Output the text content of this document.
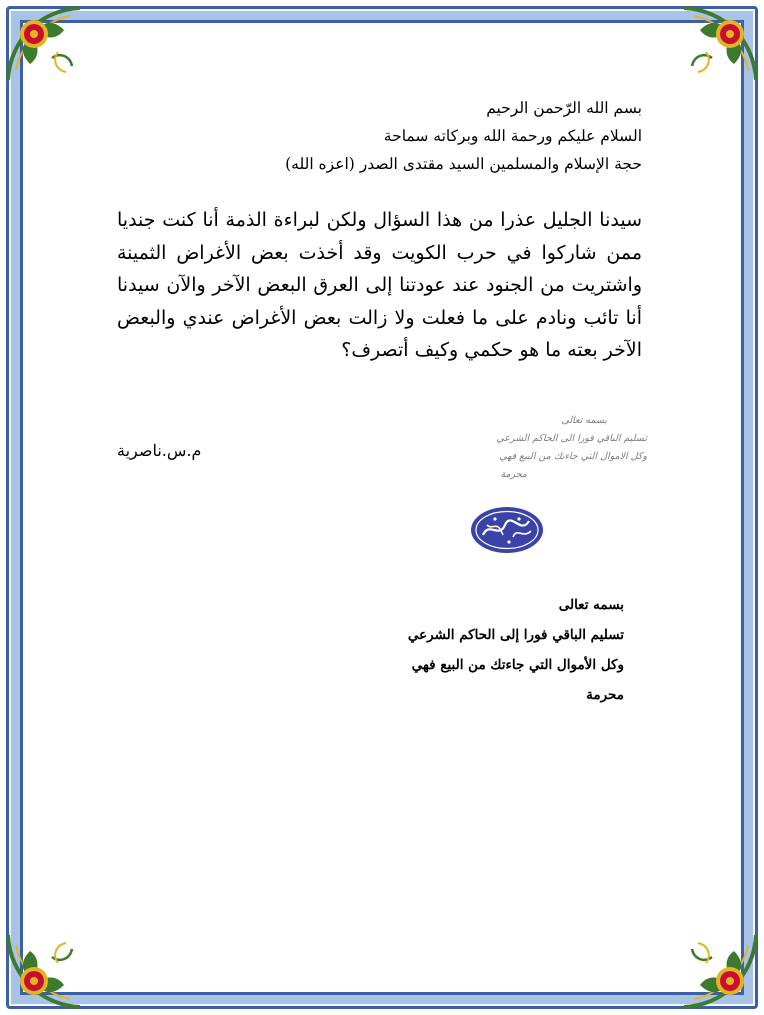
بسم الله الرّحمن الرحيم
السلام عليكم ورحمة الله وبركاته سماحة
حجة الإسلام والمسلمين السيد مقتدى الصدر (اعزه الله)
سيدنا الجليل عذرا من هذا السؤال ولكن لبراءة الذمة أنا كنت جنديا ممن شاركوا في حرب الكويت وقد أخذت بعض الأغراض الثمينة واشتريت من الجنود عند عودتنا إلى العرق البعض الآخر والآن سيدنا أنا تائب ونادم على ما فعلت ولا زالت بعض الأغراض عندي والبعض الآخر بعته ما هو حكمي وكيف أتصرف؟
م.س.ناصرية
بسمه تعالى
تسليم الباقي فورا الى الحاكم الشرعي
وكل الاموال التي جاءتك من البيع فهي
محرمة
بسمه تعالى
تسليم الباقي فورا إلى الحاكم الشرعي
وكل الأموال التي جاءتك من البيع فهي
محرمة
